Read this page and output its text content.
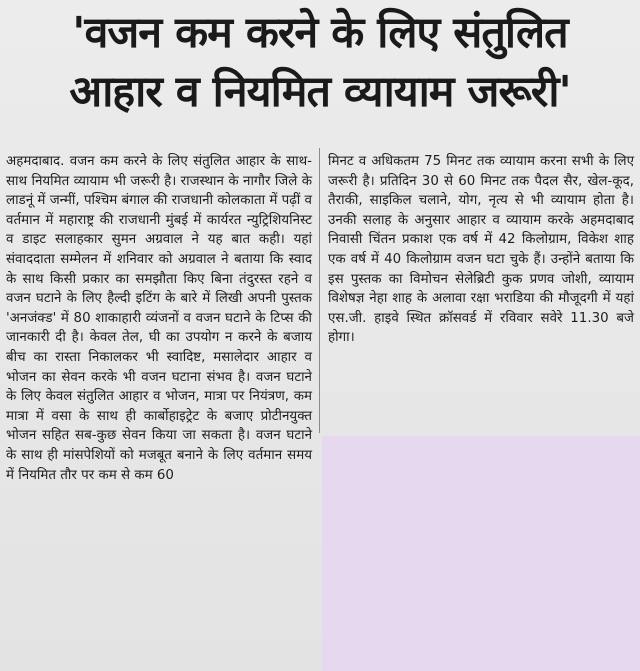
'वजन कम करने के लिए संतुलित
आहार व नियमित व्यायाम जरूरी'

अहमदाबाद. वजन कम करने के लिए संतुलित आहार के साथ-साथ नियमित व्यायाम भी जरूरी है। राजस्थान के नागौर जिले के लाडनूं में जन्मीं, पश्चिम बंगाल की राजधानी कोलकाता में पढ़ीं व वर्तमान में महाराष्ट्र की राजधानी मुंबई में कार्यरत न्युट्रिशियनिस्ट व डाइट सलाहकार सुमन अग्रवाल ने यह बात कही। यहां संवाददाता सम्मेलन में शनिवार को अग्रवाल ने बताया कि स्वाद के साथ किसी प्रकार का समझौता किए बिना तंदुरस्त रहने व वजन घटाने के लिए हैल्दी इटिंग के बारे में लिखी अपनी पुस्तक 'अनजंक्ड' में 80 शाकाहारी व्यंजनों व वजन घटाने के टिप्स की जानकारी दी है। केवल तेल, घी का उपयोग न करने के बजाय बीच का रास्ता निकालकर भी स्वादिष्ट, मसालेदार आहार व भोजन का सेवन करके भी वजन घटाना संभव है। वजन घटाने के लिए केवल संतुलित आहार व भोजन, मात्रा पर नियंत्रण, कम मात्रा में वसा के साथ ही कार्बोहाइट्रेट के बजाए प्रोटीनयुक्त भोजन सहित सब-कुछ सेवन किया जा सकता है। वजन घटाने के साथ ही मांसपेशियों को मजबूत बनाने के लिए वर्तमान समय में नियमित तौर पर कम से कम 60

मिनट व अधिकतम 75 मिनट तक व्यायाम करना सभी के लिए जरूरी है। प्रतिदिन 30 से 60 मिनट तक पैदल सैर, खेल-कूद, तैराकी, साइकिल चलाने, योग, नृत्य से भी व्यायाम होता है। उनकी सलाह के अनुसार आहार व व्यायाम करके अहमदाबाद निवासी चिंतन प्रकाश एक वर्ष में 42 किलोग्राम, विकेश शाह एक वर्ष में 40 किलोग्राम वजन घटा चुके हैं। उन्होंने बताया कि इस पुस्तक का विमोचन सेलेब्रिटी कुक प्रणव जोशी, व्यायाम विशेषज्ञ नेहा शाह के अलावा रक्षा भराडिया की मौजूदगी में यहां एस.जी. हाइवे स्थित क्रॉसवर्ड में रविवार सवेरे 11.30 बजे होगा।
